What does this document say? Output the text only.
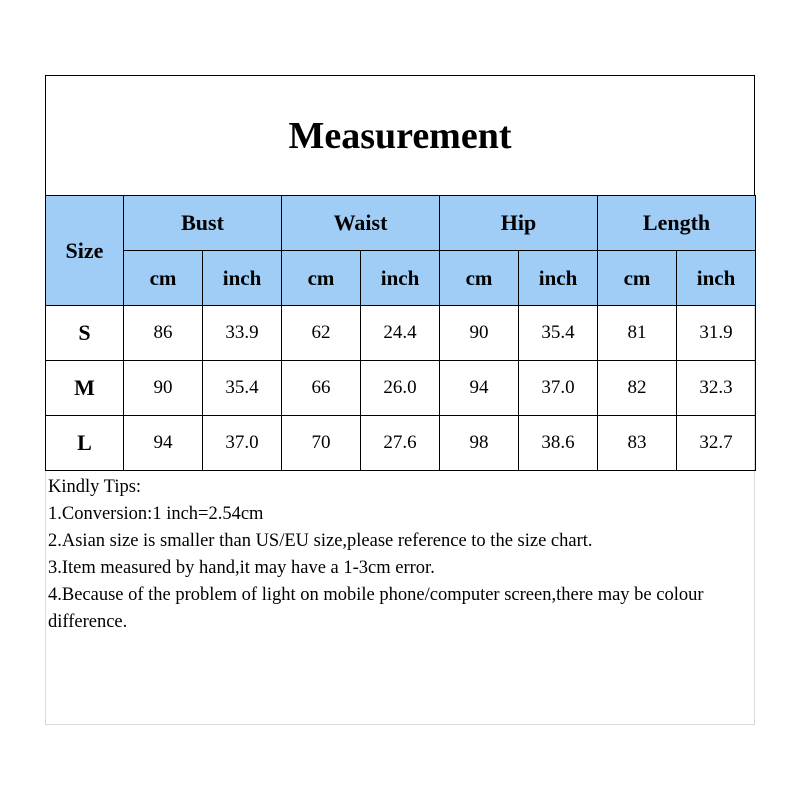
Measurement
Size	Bust		Waist		Hip		Length	
	cm	inch	cm	inch	cm	inch	cm	inch
S	86	33.9	62	24.4	90	35.4	81	31.9
M	90	35.4	66	26.0	94	37.0	82	32.3
L	94	37.0	70	27.6	98	38.6	83	32.7
Kindly Tips:
1.Conversion:1 inch=2.54cm
2.Asian size is smaller than US/EU size,please reference to the size chart.
3.Item measured by hand,it may have a 1-3cm error.
4.Because of the problem of light on mobile phone/computer screen,there may be colour difference.
